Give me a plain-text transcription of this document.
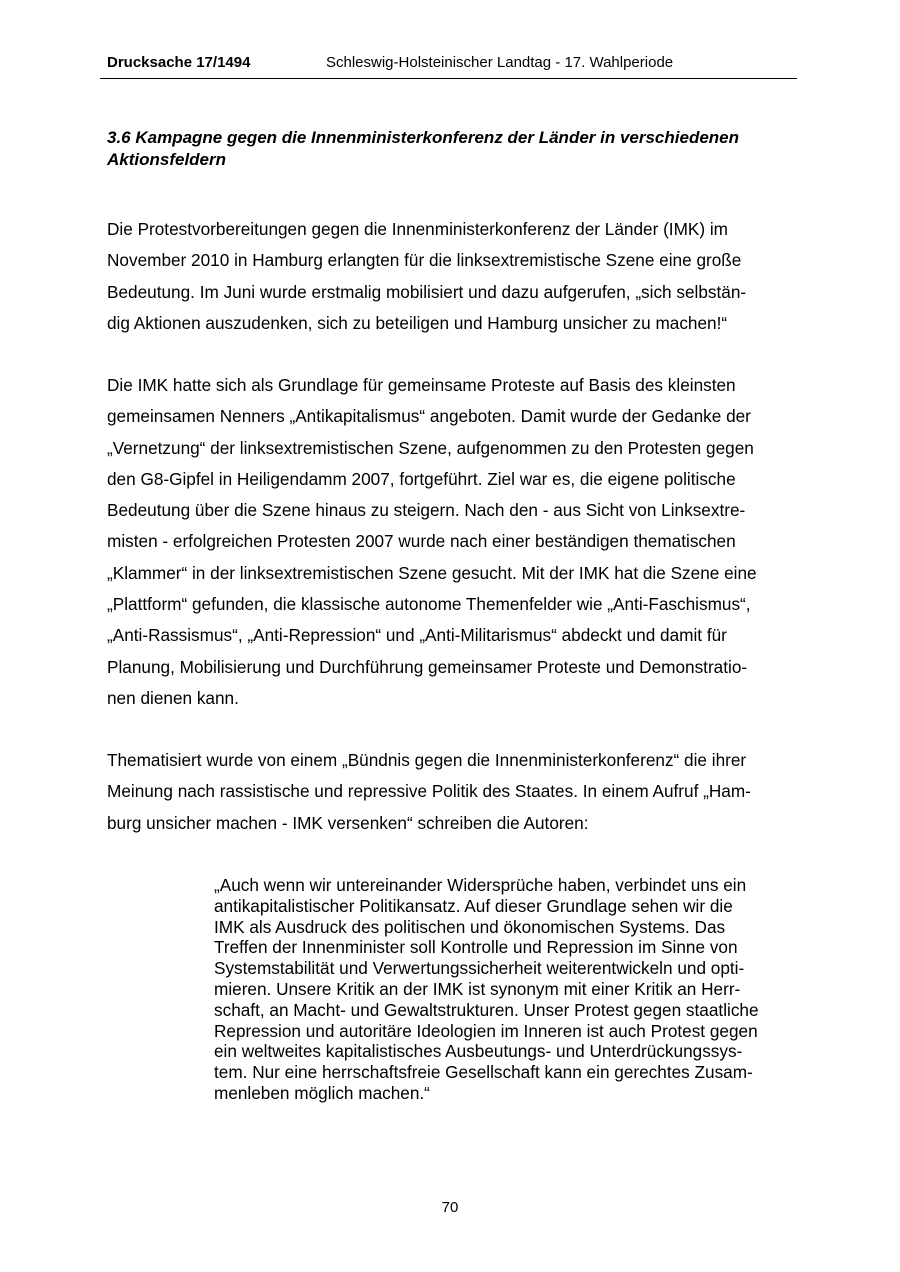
Drucksache 17/1494	Schleswig-Holsteinischer Landtag - 17. Wahlperiode
3.6 Kampagne gegen die Innenministerkonferenz der Länder in verschiedenen
Aktionsfeldern

Die Protestvorbereitungen gegen die Innenministerkonferenz der Länder (IMK) im
November 2010 in Hamburg erlangten für die linksextremistische Szene eine große
Bedeutung. Im Juni wurde erstmalig mobilisiert und dazu aufgerufen, „sich selbstän-
dig Aktionen auszudenken, sich zu beteiligen und Hamburg unsicher zu machen!“

Die IMK hatte sich als Grundlage für gemeinsame Proteste auf Basis des kleinsten
gemeinsamen Nenners „Antikapitalismus“ angeboten. Damit wurde der Gedanke der
„Vernetzung“ der linksextremistischen Szene, aufgenommen zu den Protesten gegen
den G8-Gipfel in Heiligendamm 2007, fortgeführt. Ziel war es, die eigene politische
Bedeutung über die Szene hinaus zu steigern. Nach den - aus Sicht von Linksextre-
misten - erfolgreichen Protesten 2007 wurde nach einer beständigen thematischen
„Klammer“ in der linksextremistischen Szene gesucht. Mit der IMK hat die Szene eine
„Plattform“ gefunden, die klassische autonome Themenfelder wie „Anti-Faschismus“,
„Anti-Rassismus“, „Anti-Repression“ und „Anti-Militarismus“ abdeckt und damit für
Planung, Mobilisierung und Durchführung gemeinsamer Proteste und Demonstratio-
nen dienen kann.

Thematisiert wurde von einem „Bündnis gegen die Innenministerkonferenz“ die ihrer
Meinung nach rassistische und repressive Politik des Staates. In einem Aufruf „Ham-
burg unsicher machen - IMK versenken“ schreiben die Autoren:

„Auch wenn wir untereinander Widersprüche haben, verbindet uns ein
antikapitalistischer Politikansatz. Auf dieser Grundlage sehen wir die
IMK als Ausdruck des politischen und ökonomischen Systems. Das
Treffen der Innenminister soll Kontrolle und Repression im Sinne von
Systemstabilität und Verwertungssicherheit weiterentwickeln und opti-
mieren. Unsere Kritik an der IMK ist synonym mit einer Kritik an Herr-
schaft, an Macht- und Gewaltstrukturen. Unser Protest gegen staatliche
Repression und autoritäre Ideologien im Inneren ist auch Protest gegen
ein weltweites kapitalistisches Ausbeutungs- und Unterdrückungssys-
tem. Nur eine herrschaftsfreie Gesellschaft kann ein gerechtes Zusam-
menleben möglich machen.“
70
